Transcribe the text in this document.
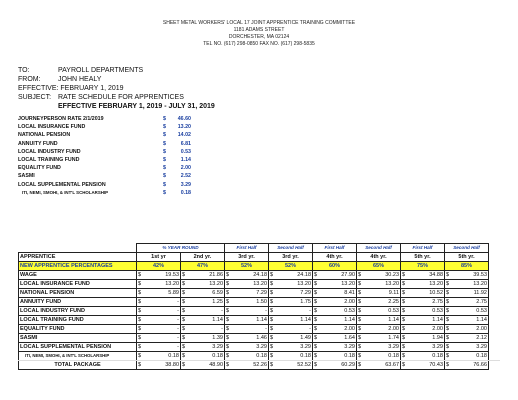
SHEET METAL WORKERS' LOCAL 17 JOINT APPRENTICE TRAINING COMMITTEE
1181 ADAMS STREET
DORCHESTER, MA 02124
TEL NO. (617) 298-0850 FAX NO. (617) 298-5835
TO:	PAYROLL DEPARTMENTS
FROM:	JOHN HEALY
EFFECTIVE:
FEBRUARY 1, 2019
SUBJECT: RATE SCHEDULE FOR APPRENTICES
EFFECTIVE FEBRUARY 1, 2019 - JULY 31, 2019
JOURNEYPERSON RATE 2/1/2019	$	46.60
LOCAL INSURANCE FUND	$	13.20
NATIONAL PENSION	$	14.02
ANNUITY FUND	$	6.81
LOCAL INDUSTRY FUND	$	0.53
LOCAL TRAINING FUND	$	1.14
EQUALITY FUND	$	2.00
SASMI	$	2.52
LOCAL SUPPLEMENTAL PENSION	$	3.29
ITI, NEMI, SMOHI, & INT'L SCHOLARSHIP	$	0.18
	% YEAR ROUND		First Half	Second Half	First Half	Second Half	First Half	Second Half
APPRENTICE	1st yr	2nd yr.	3rd yr.	3rd yr.	4th yr.	4th yr.	5th yr.	5th yr.
NEW APPRENTICE PERCENTAGES	42%	47%	52%	52%	60%	65%	75%	85%
WAGE	$ 19.53	$ 21.86	$ 24.18	$ 24.18	$ 27.90	$ 30.23	$ 34.88	$ 39.53

LOCAL INSURANCE FUND	$ 13.20	$ 13.20	$ 13.20	$ 13.20	$ 13.20	$ 13.20	$ 13.20	$ 13.20

NATIONAL PENSION	$ 5.89	$ 6.59	$ 7.29	$ 7.29	$ 8.41	$ 9.11	$ 10.52	$ 11.92

ANNUITY FUND	$ -	$ 1.25	$ 1.50	$ 1.75	$ 2.00	$ 2.25	$ 2.75	$ 2.75

LOCAL INDUSTRY FUND	$ -	$ -	$ -	$ -	$ 0.53	$ 0.53	$ 0.53	$ 0.53

LOCAL TRAINING FUND	$ -	$ 1.14	$ 1.14	$ 1.14	$ 1.14	$ 1.14	$ 1.14	$ 1.14

EQUALITY FUND	$ -	$ -	$ -	$ -	$ 2.00	$ 2.00	$ 2.00	$ 2.00

SASMI	$ -	$ 1.39	$ 1.46	$ 1.49	$ 1.64	$ 1.74	$ 1.94	$ 2.12

LOCAL SUPPLEMENTAL PENSION	$ -	$ 3.29	$ 3.29	$ 3.29	$ 3.29	$ 3.29	$ 3.29	$ 3.29

ITI, NEMI, SMOHI, & INT'L SCHOLARSHIP	$ 0.18	$ 0.18	$ 0.18	$ 0.18	$ 0.18	$ 0.18	$ 0.18	$ 0.18

TOTAL PACKAGE	$ 38.80	$ 48.90	$ 52.26	$ 52.52	$ 60.29	$ 63.67	$ 70.43	$ 76.66
